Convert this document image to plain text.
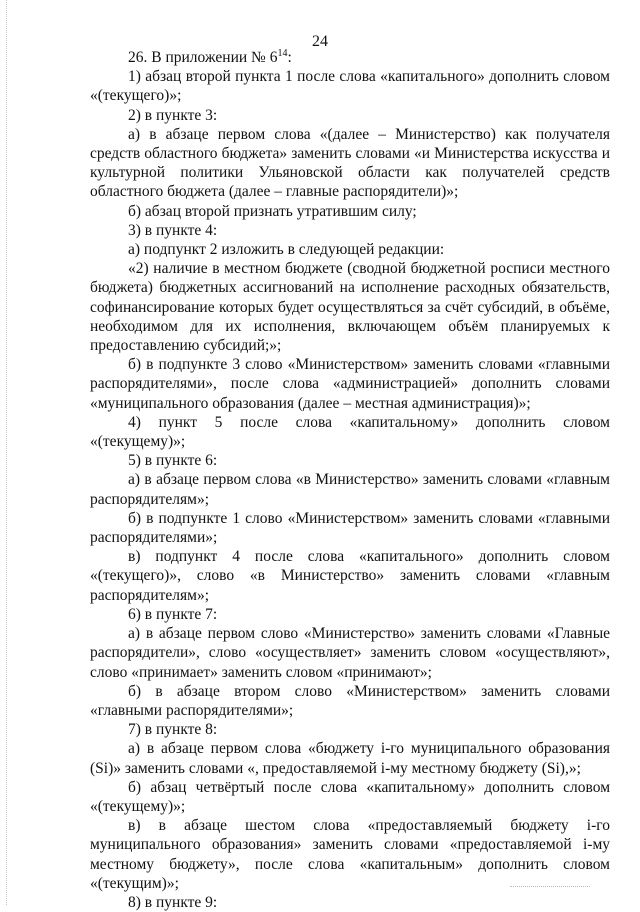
24

26. В приложении № $6^{14}$:

1) абзац второй пункта 1 после слова «капитального» дополнить словом «(текущего)»;

2) в пункте 3:

а) в абзаце первом слова «(далее – Министерство) как получателя средств областного бюджета» заменить словами «и Министерства искусства и культурной политики Ульяновской области как получателей средств областного бюджета (далее – главные распорядители)»;

б) абзац второй признать утратившим силу;

3) в пункте 4:

а) подпункт 2 изложить в следующей редакции:

«2) наличие в местном бюджете (сводной бюджетной росписи местного бюджета) бюджетных ассигнований на исполнение расходных обязательств, софинансирование которых будет осуществляться за счёт субсидий, в объёме, необходимом для их исполнения, включающем объём планируемых к предоставлению субсидий;»;

б) в подпункте 3 слово «Министерством» заменить словами «главными распорядителями», после слова «администрацией» дополнить словами «муниципального образования (далее – местная администрация)»;

4) пункт 5 после слова «капитальному» дополнить словом «(текущему)»;

5) в пункте 6:

а) в абзаце первом слова «в Министерство» заменить словами «главным распорядителям»;

б) в подпункте 1 слово «Министерством» заменить словами «главными распорядителями»;

в) подпункт 4 после слова «капитального» дополнить словом «(текущего)», слово «в Министерство» заменить словами «главным распорядителям»;

6) в пункте 7:

а) в абзаце первом слово «Министерство» заменить словами «Главные распорядители», слово «осуществляет» заменить словом «осуществляют», слово «принимает» заменить словом «принимают»;

б) в абзаце втором слово «Министерством» заменить словами «главными распорядителями»;

7) в пункте 8:

а) в абзаце первом слова «бюджету i-го муниципального образования (Si)» заменить словами «, предоставляемой i-му местному бюджету (Si),»;

б) абзац четвёртый после слова «капитальному» дополнить словом «(текущему)»;

в) в абзаце шестом слова «предоставляемый бюджету i-го муниципального образования» заменить словами «предоставляемой i-му местному бюджету», после слова «капитальным» дополнить словом «(текущим)»;

8) в пункте 9:
